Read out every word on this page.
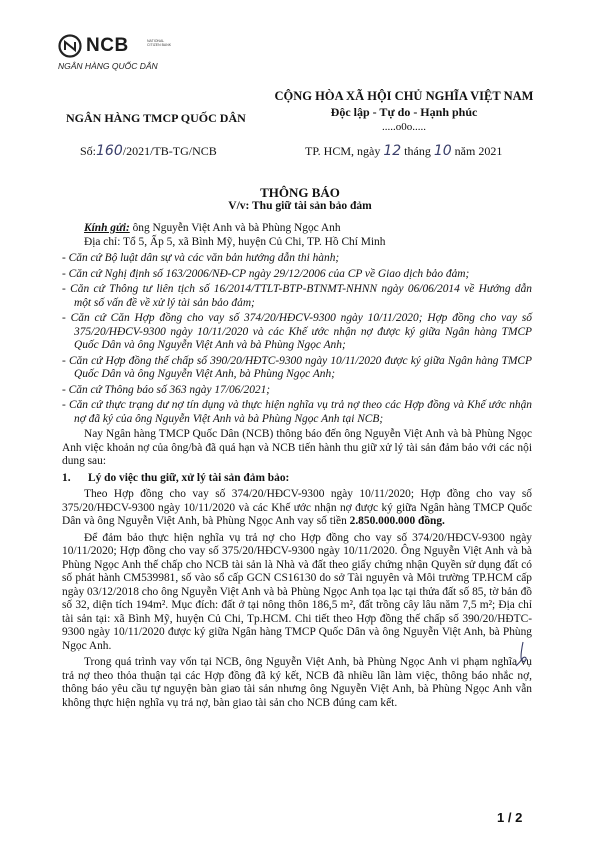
NCB	NATIONAL CITIZEN BANK
NGÂN HÀNG QUỐC DÂN
NGÂN HÀNG TMCP QUỐC DÂN
CỘNG HÒA XÃ HỘI CHỦ NGHĨA VIỆT NAM
Độc lập - Tự do - Hạnh phúc
.....o0o.....
Số:160/2021/TB-TG/NCB	TP. HCM, ngày 12 tháng 10 năm 2021
THÔNG BÁO
V/v: Thu giữ tài sản bảo đảm

Kính gửi: ông Nguyễn Việt Anh và bà Phùng Ngọc Anh

Địa chỉ: Tổ 5, Ấp 5, xã Bình Mỹ, huyện Củ Chi, TP. Hồ Chí Minh

- Căn cứ Bộ luật dân sự và các văn bản hướng dẫn thi hành;

- Căn cứ Nghị định số 163/2006/NĐ-CP ngày 29/12/2006 của CP về Giao dịch bảo đảm;

- Căn cứ Thông tư liên tịch số 16/2014/TTLT-BTP-BTNMT-NHNN ngày 06/06/2014 về Hướng dẫn một số vấn đề về xử lý tài sản bảo đảm;

- Căn cứ Căn Hợp đồng cho vay số 374/20/HĐCV-9300 ngày 10/11/2020; Hợp đồng cho vay số 375/20/HĐCV-9300 ngày 10/11/2020 và các Khế ước nhận nợ được ký giữa Ngân hàng TMCP Quốc Dân và ông Nguyễn Việt Anh và bà Phùng Ngọc Anh;

- Căn cứ Hợp đồng thế chấp số 390/20/HĐTC-9300 ngày 10/11/2020 được ký giữa Ngân hàng TMCP Quốc Dân và ông Nguyễn Việt Anh, bà Phùng Ngọc Anh;

- Căn cứ Thông báo số 363 ngày 17/06/2021;

- Căn cứ thực trạng dư nợ tín dụng và thực hiện nghĩa vụ trả nợ theo các Hợp đồng và Khế ước nhận nợ đã ký của ông Nguyễn Việt Anh và bà Phùng Ngọc Anh tại NCB;

Nay Ngân hàng TMCP Quốc Dân (NCB) thông báo đến ông Nguyễn Việt Anh và bà Phùng Ngọc Anh việc khoản nợ của ông/bà đã quá hạn và NCB tiến hành thu giữ xử lý tài sản đảm bảo với các nội dung sau:

1. Lý do việc thu giữ, xử lý tài sản đảm bảo:

Theo Hợp đồng cho vay số 374/20/HĐCV-9300 ngày 10/11/2020; Hợp đồng cho vay số 375/20/HĐCV-9300 ngày 10/11/2020 và các Khế ước nhận nợ được ký giữa Ngân hàng TMCP Quốc Dân và ông Nguyễn Việt Anh, bà Phùng Ngọc Anh vay số tiền 2.850.000.000 đồng.

Để đảm bảo thực hiện nghĩa vụ trả nợ cho Hợp đồng cho vay số 374/20/HĐCV-9300 ngày 10/11/2020; Hợp đồng cho vay số 375/20/HĐCV-9300 ngày 10/11/2020. Ông Nguyễn Việt Anh và bà Phùng Ngọc Anh thế chấp cho NCB tài sản là Nhà và đất theo giấy chứng nhận Quyền sử dụng đất có số phát hành CM539981, số vào sổ cấp GCN CS16130 do sở Tài nguyên và Môi trường TP.HCM cấp ngày 03/12/2018 cho ông Nguyễn Việt Anh và bà Phùng Ngọc Anh tọa lạc tại thửa đất số 85, tờ bản đồ số 32, diện tích 194m². Mục đích: đất ở tại nông thôn 186,5 m², đất trồng cây lâu năm 7,5 m²; Địa chỉ tài sản tại: xã Bình Mỹ, huyện Củ Chi, Tp.HCM. Chi tiết theo Hợp đồng thế chấp số 390/20/HĐTC-9300 ngày 10/11/2020 được ký giữa Ngân hàng TMCP Quốc Dân và ông Nguyễn Việt Anh, bà Phùng Ngọc Anh.

Trong quá trình vay vốn tại NCB, ông Nguyễn Việt Anh, bà Phùng Ngọc Anh vi phạm nghĩa vụ trả nợ theo thỏa thuận tại các Hợp đồng đã ký kết, NCB đã nhiều lần làm việc, thông báo nhắc nợ, thông báo yêu cầu tự nguyện bàn giao tài sản nhưng ông Nguyễn Việt Anh, bà Phùng Ngọc Anh vẫn không thực hiện nghĩa vụ trả nợ, bàn giao tài sản cho NCB đúng cam kết.

1 / 2
